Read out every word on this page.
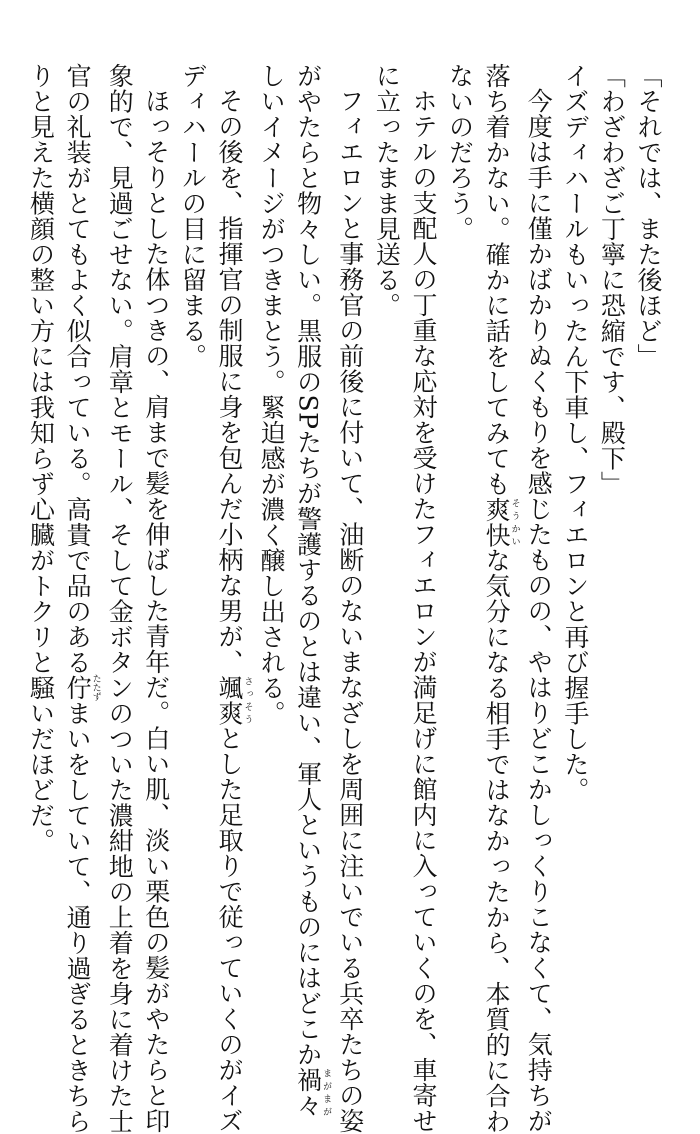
「それでは、また後ほど」
「わざわざご丁寧に恐縮です、殿下」
イズディハールもいったん下車し、フィエロンと再び握手した。
今度は手に僅かばかりぬくもりを感じたものの、やはりどこかしっくりこなくて、気持ちが
落ち着かない。確かに話をしてみても爽快そうかいな気分になる相手ではなかったから、本質的に合わ
ないのだろう。
ホテルの支配人の丁重な応対を受けたフィエロンが満足げに館内に入っていくのを、車寄せ
に立ったまま見送る。
フィエロンと事務官の前後に付いて、油断のないまなざしを周囲に注いでいる兵卒たちの姿
がやたらと物々しい。黒服のSPたちが警護するのとは違い、軍人というものにはどこか禍々まがまが
しいイメージがつきまとう。緊迫感が濃く醸し出される。
その後を、指揮官の制服に身を包んだ小柄な男が、颯爽さっそうとした足取りで従っていくのがイズ
ディハールの目に留まる。
ほっそりとした体つきの、肩まで髪を伸ばした青年だ。白い肌、淡い栗色の髪がやたらと印
象的で、見過ごせない。肩章とモール、そして金ボタンのついた濃紺地の上着を身に着けた士
官の礼装がとてもよく似合っている。高貴で品のある佇たたずまいをしていて、通り過ぎるときちら
りと見えた横顔の整い方には我知らず心臓がトクリと騒いだほどだ。
